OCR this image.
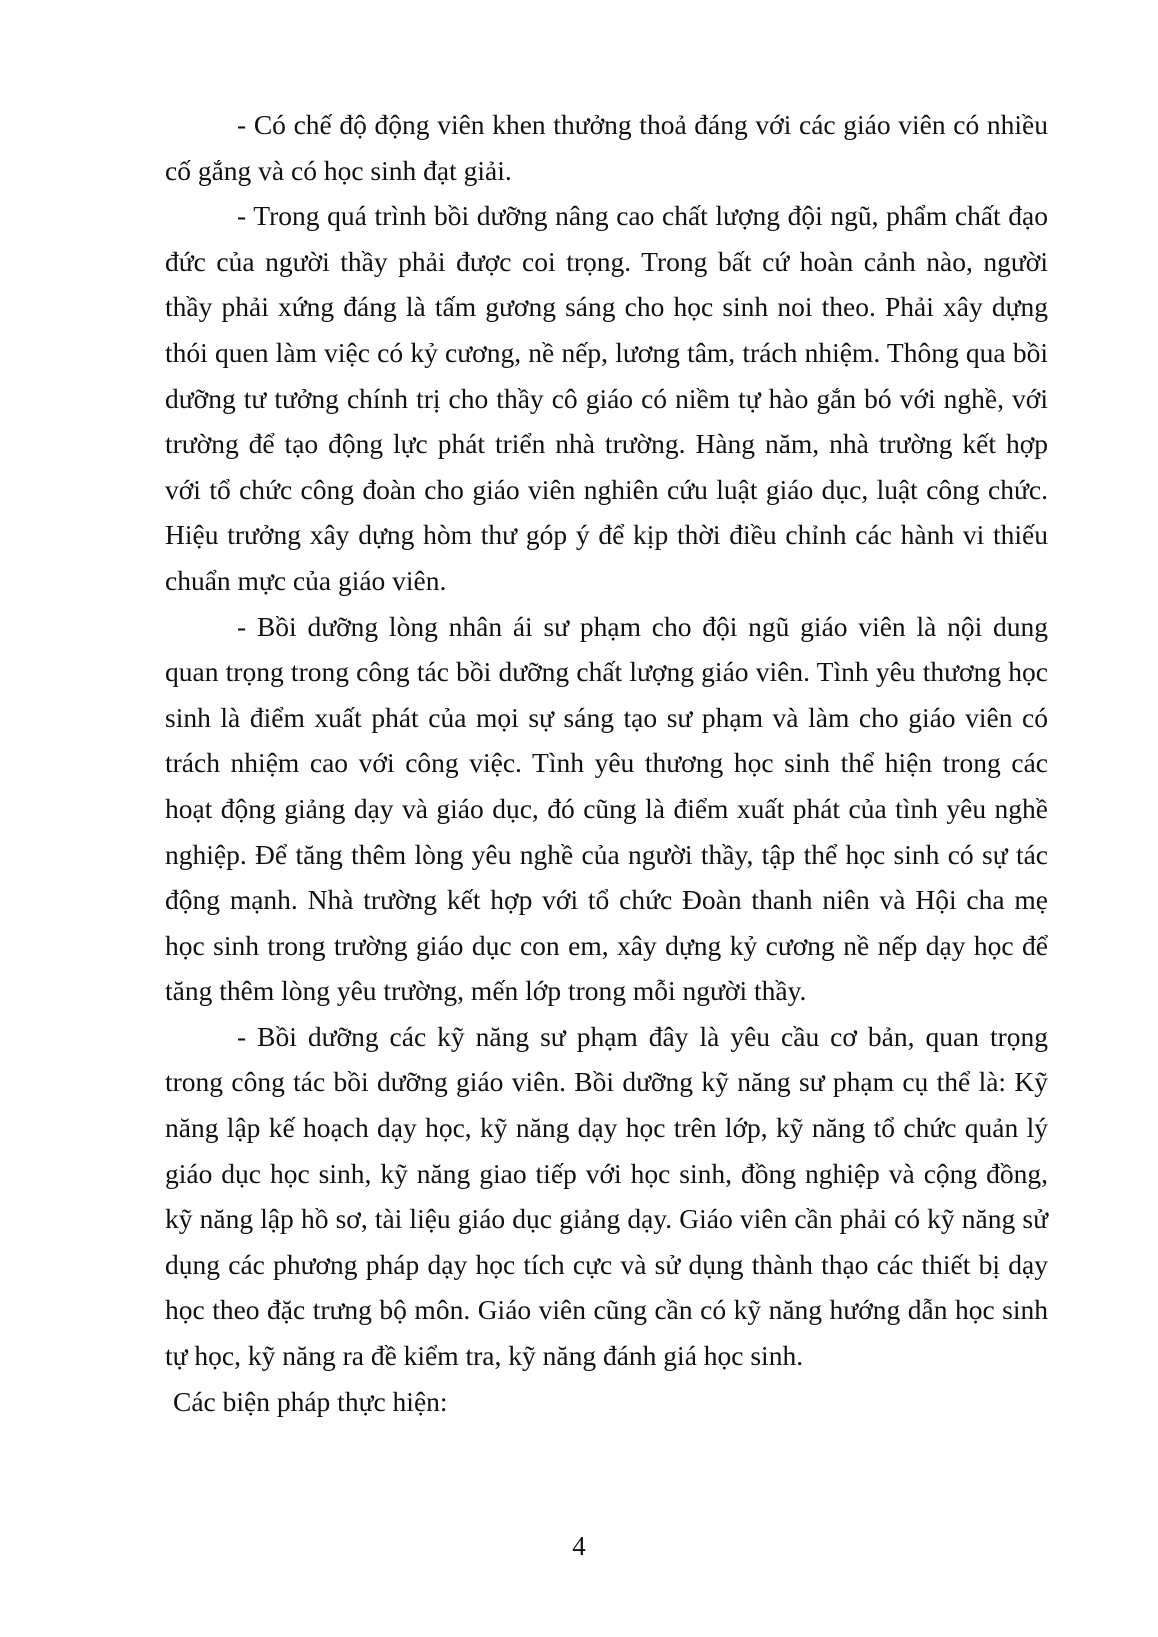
- Có chế độ động viên khen thưởng thoả đáng với các giáo viên có nhiều cố gắng và có học sinh đạt giải.

- Trong quá trình bồi dưỡng nâng cao chất lượng đội ngũ, phẩm chất đạo đức của người thầy phải được coi trọng. Trong bất cứ hoàn cảnh nào, người thầy phải xứng đáng là tấm gương sáng cho học sinh noi theo. Phải xây dựng thói quen làm việc có kỷ cương, nề nếp, lương tâm, trách nhiệm. Thông qua bồi dưỡng tư tưởng chính trị cho thầy cô giáo có niềm tự hào gắn bó với nghề, với trường để tạo động lực phát triển nhà trường. Hàng năm, nhà trường kết hợp với tổ chức công đoàn cho giáo viên nghiên cứu luật giáo dục, luật công chức. Hiệu trưởng xây dựng hòm thư góp ý để kịp thời điều chỉnh các hành vi thiếu chuẩn mực của giáo viên.

- Bồi dưỡng lòng nhân ái sư phạm cho đội ngũ giáo viên là nội dung quan trọng trong công tác bồi dưỡng chất lượng giáo viên. Tình yêu thương học sinh là điểm xuất phát của mọi sự sáng tạo sư phạm và làm cho giáo viên có trách nhiệm cao với công việc. Tình yêu thương học sinh thể hiện trong các hoạt động giảng dạy và giáo dục, đó cũng là điểm xuất phát của tình yêu nghề nghiệp. Để tăng thêm lòng yêu nghề của người thầy, tập thể học sinh có sự tác động mạnh. Nhà trường kết hợp với tổ chức Đoàn thanh niên và Hội cha mẹ học sinh trong trường giáo dục con em, xây dựng kỷ cương nề nếp dạy học để tăng thêm lòng yêu trường, mến lớp trong mỗi người thầy.

- Bồi dưỡng các kỹ năng sư phạm đây là yêu cầu cơ bản, quan trọng trong công tác bồi dưỡng giáo viên. Bồi dưỡng kỹ năng sư phạm cụ thể là: Kỹ năng lập kế hoạch dạy học, kỹ năng dạy học trên lớp, kỹ năng tổ chức quản lý giáo dục học sinh, kỹ năng giao tiếp với học sinh, đồng nghiệp và cộng đồng, kỹ năng lập hồ sơ, tài liệu giáo dục giảng dạy. Giáo viên cần phải có kỹ năng sử dụng các phương pháp dạy học tích cực và sử dụng thành thạo các thiết bị dạy học theo đặc trưng bộ môn. Giáo viên cũng cần có kỹ năng hướng dẫn học sinh tự học, kỹ năng ra đề kiểm tra, kỹ năng đánh giá học sinh.

Các biện pháp thực hiện:

4
